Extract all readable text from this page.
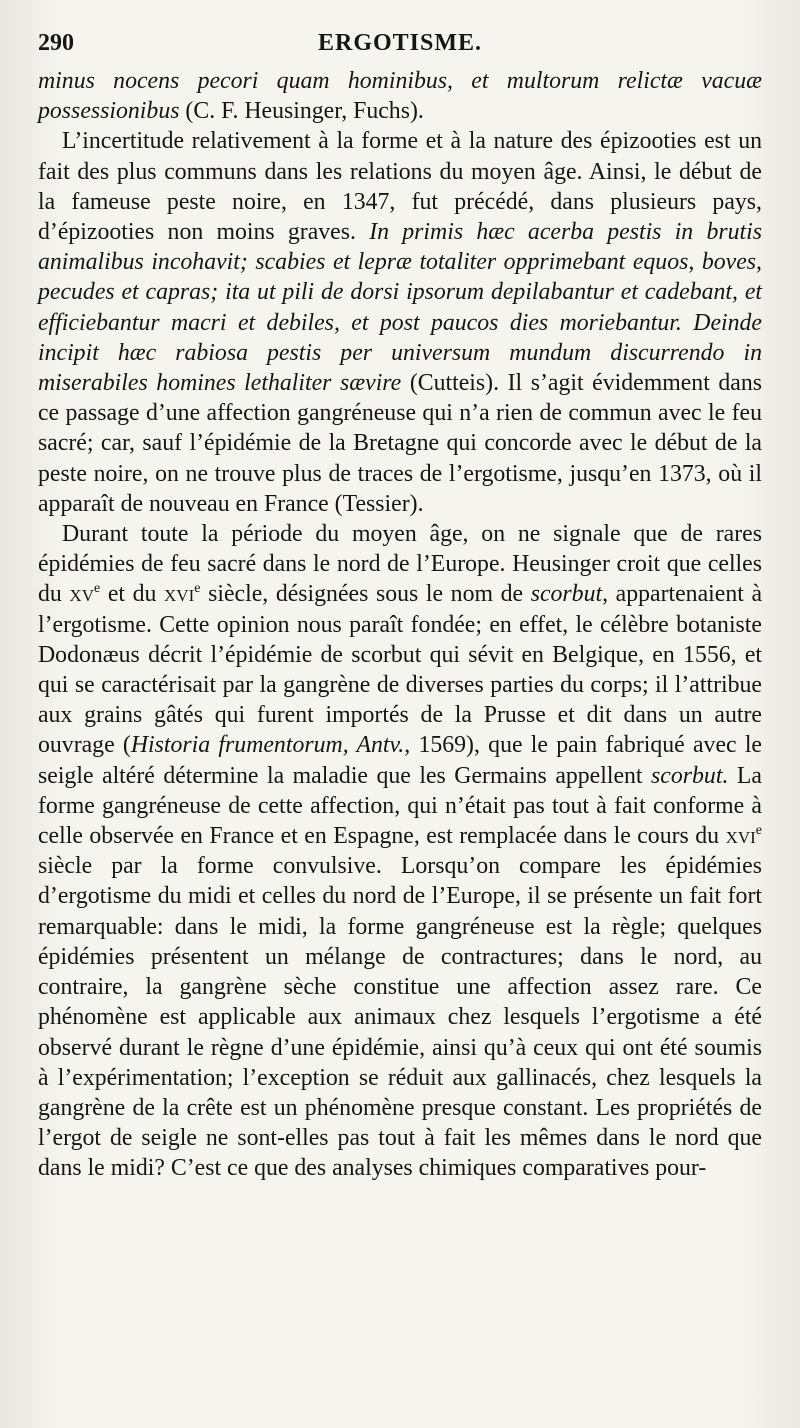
290	ERGOTISME.

minus nocens pecori quam hominibus, et multorum relictæ vacuæ possessionibus (C. F. Heusinger, Fuchs).

L’incertitude relativement à la forme et à la nature des épizooties est un fait des plus communs dans les relations du moyen âge. Ainsi, le début de la fameuse peste noire, en 1347, fut précédé, dans plusieurs pays, d’épizooties non moins graves. In primis hæc acerba pestis in brutis animalibus incohavit; scabies et lepræ totaliter opprimebant equos, boves, pecudes et capras; ita ut pili de dorsi ipsorum depilabantur et cadebant, et efficiebantur macri et debiles, et post paucos dies moriebantur. Deinde incipit hæc rabiosa pestis per universum mundum discurrendo in miserabiles homines lethaliter sævire (Cutteis). Il s’agit évidemment dans ce passage d’une affection gangréneuse qui n’a rien de commun avec le feu sacré; car, sauf l’épidémie de la Bretagne qui concorde avec le début de la peste noire, on ne trouve plus de traces de l’ergotisme, jusqu’en 1373, où il apparaît de nouveau en France (Tessier).

Durant toute la période du moyen âge, on ne signale que de rares épidémies de feu sacré dans le nord de l’Europe. Heusinger croit que celles du $xv^e$ et du xvi$^e$ siècle, désignées sous le nom de scorbut, appartenaient à l’ergotisme. Cette opinion nous paraît fondée; en effet, le célèbre botaniste Dodonæus décrit l’épidémie de scorbut qui sévit en Belgique, en 1556, et qui se caractérisait par la gangrène de diverses parties du corps; il l’attribue aux grains gâtés qui furent importés de la Prusse et dit dans un autre ouvrage (Historia frumentorum, Antv., 1569), que le pain fabriqué avec le seigle altéré détermine la maladie que les Germains appellent scorbut. La forme gangréneuse de cette affection, qui n’était pas tout à fait conforme à celle observée en France et en Espagne, est remplacée dans le cours du xvi$^e$ siècle par la forme convulsive. Lorsqu’on compare les épidémies d’ergotisme du midi et celles du nord de l’Europe, il se présente un fait fort remarquable: dans le midi, la forme gangréneuse est la règle; quelques épidémies présentent un mélange de contractures; dans le nord, au contraire, la gangrène sèche constitue une affection assez rare. Ce phénomène est applicable aux animaux chez lesquels l’ergotisme a été observé durant le règne d’une épidémie, ainsi qu’à ceux qui ont été soumis à l’expérimentation; l’exception se réduit aux gallinacés, chez lesquels la gangrène de la crête est un phénomène presque constant. Les propriétés de l’ergot de seigle ne sont-elles pas tout à fait les mêmes dans le nord que dans le midi? C’est ce que des analyses chimiques comparatives pour-
